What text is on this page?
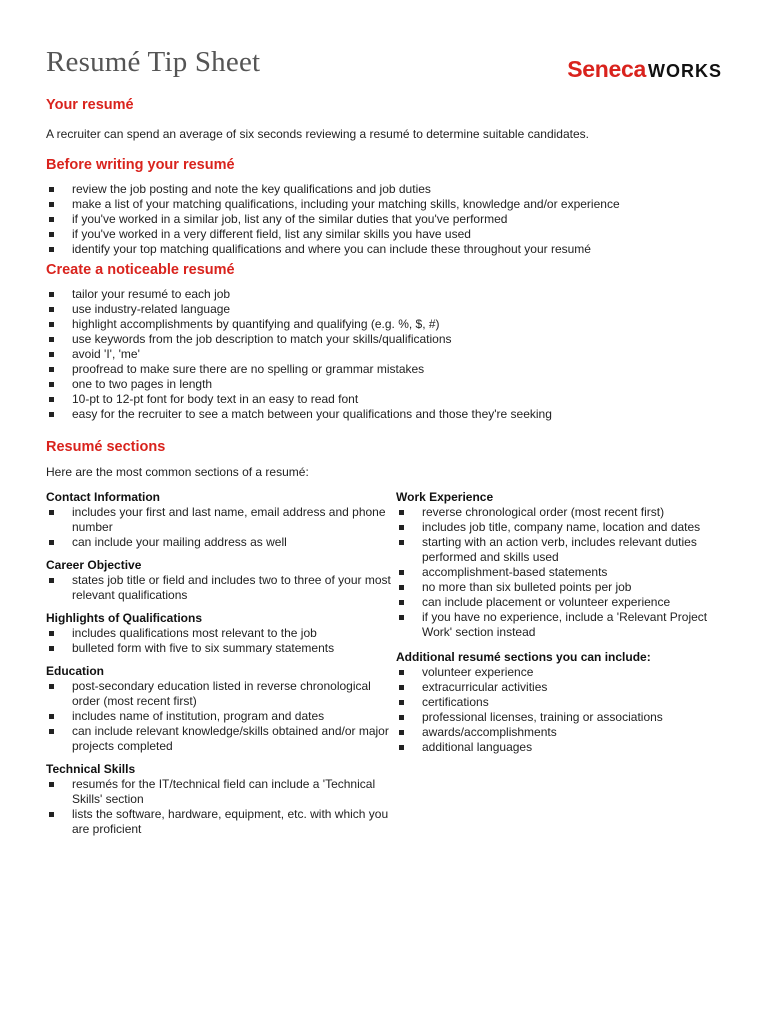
Resumé Tip Sheet	Seneca WORKS
Your resumé

A recruiter can spend an average of six seconds reviewing a resumé to determine suitable candidates.

Before writing your resumé
review the job posting and note the key qualifications and job duties
make a list of your matching qualifications, including your matching skills, knowledge and/or experience
if you've worked in a similar job, list any of the similar duties that you've performed
if you've worked in a very different field, list any similar skills you have used
identify your top matching qualifications and where you can include these throughout your resumé
Create a noticeable resumé
tailor your resumé to each job
use industry-related language
highlight accomplishments by quantifying and qualifying (e.g. %, $, #)
use keywords from the job description to match your skills/qualifications
avoid 'I', 'me'
proofread to make sure there are no spelling or grammar mistakes
one to two pages in length
10-pt to 12-pt font for body text in an easy to read font
easy for the recruiter to see a match between your qualifications and those they're seeking
Resumé sections

Here are the most common sections of a resumé:

Contact Information
includes your first and last name, email address and phone number
can include your mailing address as well
Career Objective
states job title or field and includes two to three of your most relevant qualifications
Highlights of Qualifications
includes qualifications most relevant to the job
bulleted form with five to six summary statements
Education
post-secondary education listed in reverse chronological order (most recent first)
includes name of institution, program and dates
can include relevant knowledge/skills obtained and/or major projects completed
Technical Skills
resumés for the IT/technical field can include a 'Technical Skills' section
lists the software, hardware, equipment, etc. with which you are proficient
Work Experience
reverse chronological order (most recent first)
includes job title, company name, location and dates
starting with an action verb, includes relevant duties performed and skills used
accomplishment-based statements
no more than six bulleted points per job
can include placement or volunteer experience
if you have no experience, include a 'Relevant Project Work' section instead
Additional resumé sections you can include:
volunteer experience
extracurricular activities
certifications
professional licenses, training or associations
awards/accomplishments
additional languages
